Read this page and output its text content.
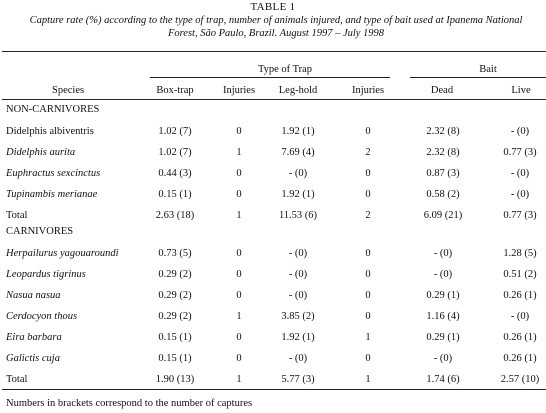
TABLE 1
Capture rate (%) according to the type of trap, number of animals injured, and type of bait used at Ipanema National
Forest, São Paulo, Brazil. August 1997 – July 1998
Type of Trap	Bait
Species	Box-trap	Injuries	Leg-hold	Injuries	Dead	Live
NON-CARNIVORES
Didelphis albiventris	1.02 (7)	0	1.92 (1)	0	2.32 (8)	- (0)
Didelphis aurita	1.02 (7)	1	7.69 (4)	2	2.32 (8)	0.77 (3)
Euphractus sexcinctus	0.44 (3)	0	- (0)	0	0.87 (3)	- (0)
Tupinambis merianae	0.15 (1)	0	1.92 (1)	0	0.58 (2)	- (0)
Total	2.63 (18)	1	11.53 (6)	2	6.09 (21)	0.77 (3)
CARNIVORES
Herpailurus yagouaroundi	0.73 (5)	0	- (0)	0	- (0)	1.28 (5)
Leopardus tigrinus	0.29 (2)	0	- (0)	0	- (0)	0.51 (2)
Nasua nasua	0.29 (2)	0	- (0)	0	0.29 (1)	0.26 (1)
Cerdocyon thous	0.29 (2)	1	3.85 (2)	0	1.16 (4)	- (0)
Eira barbara	0.15 (1)	0	1.92 (1)	1	0.29 (1)	0.26 (1)
Galictis cuja	0.15 (1)	0	- (0)	0	- (0)	0.26 (1)
Total	1.90 (13)	1	5.77 (3)	1	1.74 (6)	2.57 (10)
Numbers in brackets correspond to the number of captures
